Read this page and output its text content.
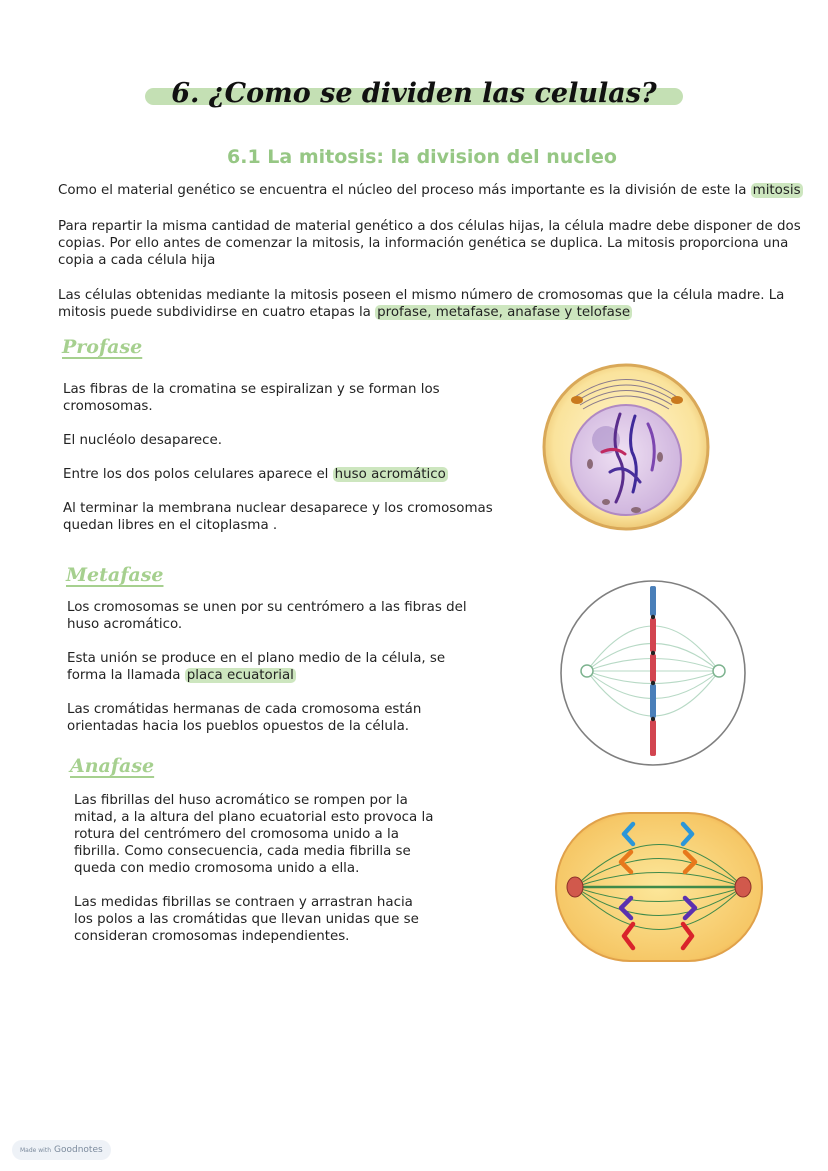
6. ¿Como se dividen las celulas?
6.1 La mitosis: la division del nucleo
Como el material genético se encuentra el núcleo del proceso más importante es la división de este la mitosis
Para repartir la misma cantidad de material genético a dos células hijas, la célula madre debe disponer de dos
copias. Por ello antes de comenzar la mitosis, la información genética se duplica. La mitosis proporciona una
copia a cada célula hija
Las células obtenidas mediante la mitosis poseen el mismo número de cromosomas que la célula madre. La
mitosis puede subdividirse en cuatro etapas la profase, metafase, anafase y telofase
Profase
Las fibras de la cromatina se espiralizan y se forman los
cromosomas.
El nucléolo desaparece.
Entre los dos polos celulares aparece el huso acromático
Al terminar la membrana nuclear desaparece y los cromosomas
quedan libres en el citoplasma .
Metafase
Los cromosomas se unen por su centrómero a las fibras del
huso acromático.
Esta unión se produce en el plano medio de la célula, se
forma la llamada placa ecuatorial
Las cromátidas hermanas de cada cromosoma están
orientadas hacia los pueblos opuestos de la célula.
Anafase
Las fibrillas del huso acromático se rompen por la
mitad, a la altura del plano ecuatorial esto provoca la
rotura del centrómero del cromosoma unido a la
fibrilla. Como consecuencia, cada media fibrilla se
queda con medio cromosoma unido a ella.
Las medidas fibrillas se contraen y arrastran hacia
los polos a las cromátidas que llevan unidas que se
consideran cromosomas independientes.
Made with Goodnotes
